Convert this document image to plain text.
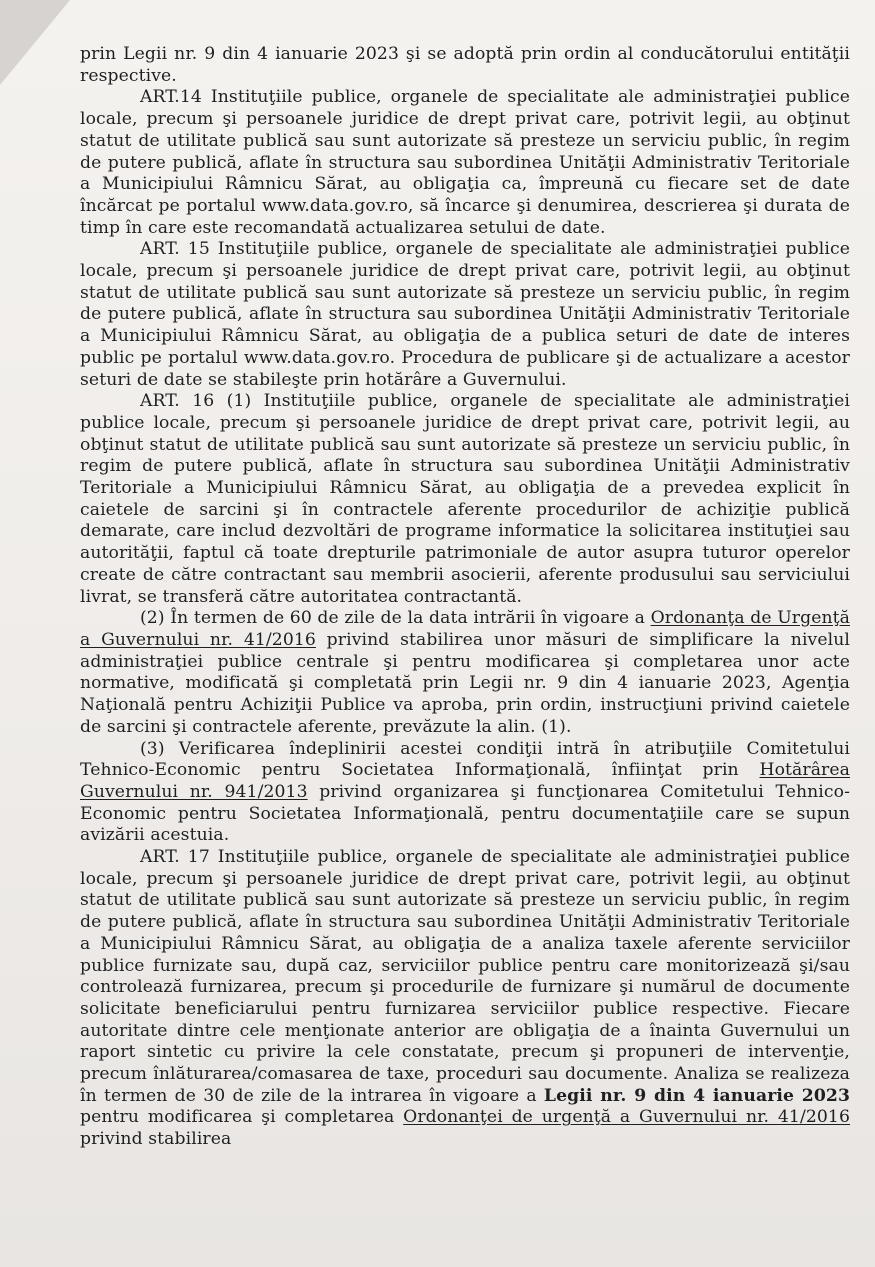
prin Legii nr. 9 din 4 ianuarie 2023 şi se adoptă prin ordin al conducătorului entităţii respective.

ART.14 Instituţiile publice, organele de specialitate ale administraţiei publice locale, precum şi persoanele juridice de drept privat care, potrivit legii, au obţinut statut de utilitate publică sau sunt autorizate să presteze un serviciu public, în regim de putere publică, aflate în structura sau subordinea Unităţii Administrativ Teritoriale a Municipiului Râmnicu Sărat, au obligaţia ca, împreună cu fiecare set de date încărcat pe portalul www.data.gov.ro, să încarce şi denumirea, descrierea şi durata de timp în care este recomandată actualizarea setului de date.

ART. 15 Instituţiile publice, organele de specialitate ale administraţiei publice locale, precum şi persoanele juridice de drept privat care, potrivit legii, au obţinut statut de utilitate publică sau sunt autorizate să presteze un serviciu public, în regim de putere publică, aflate în structura sau subordinea Unităţii Administrativ Teritoriale a Municipiului Râmnicu Sărat, au obligaţia de a publica seturi de date de interes public pe portalul www.data.gov.ro. Procedura de publicare şi de actualizare a acestor seturi de date se stabileşte prin hotărâre a Guvernului.

ART. 16 (1) Instituţiile publice, organele de specialitate ale administraţiei publice locale, precum şi persoanele juridice de drept privat care, potrivit legii, au obţinut statut de utilitate publică sau sunt autorizate să presteze un serviciu public, în regim de putere publică, aflate în structura sau subordinea Unităţii Administrativ Teritoriale a Municipiului Râmnicu Sărat, au obligaţia de a prevedea explicit în caietele de sarcini şi în contractele aferente procedurilor de achiziţie publică demarate, care includ dezvoltări de programe informatice la solicitarea instituţiei sau autorităţii, faptul că toate drepturile patrimoniale de autor asupra tuturor operelor create de către contractant sau membrii asocierii, aferente produsului sau serviciului livrat, se transferă către autoritatea contractantă.

(2) În termen de 60 de zile de la data intrării în vigoare a Ordonanţa de Urgenţă a Guvernului nr. 41/2016 privind stabilirea unor măsuri de simplificare la nivelul administraţiei publice centrale şi pentru modificarea şi completarea unor acte normative, modificată şi completată prin Legii nr. 9 din 4 ianuarie 2023, Agenţia Naţională pentru Achiziţii Publice va aproba, prin ordin, instrucţiuni privind caietele de sarcini şi contractele aferente, prevăzute la alin. (1).

(3) Verificarea îndeplinirii acestei condiţii intră în atribuţiile Comitetului Tehnico-Economic pentru Societatea Informaţională, înfiinţat prin Hotărârea Guvernului nr. 941/2013 privind organizarea şi funcţionarea Comitetului Tehnico-Economic pentru Societatea Informaţională, pentru documentaţiile care se supun avizării acestuia.

ART. 17 Instituţiile publice, organele de specialitate ale administraţiei publice locale, precum şi persoanele juridice de drept privat care, potrivit legii, au obţinut statut de utilitate publică sau sunt autorizate să presteze un serviciu public, în regim de putere publică, aflate în structura sau subordinea Unităţii Administrativ Teritoriale a Municipiului Râmnicu Sărat, au obligaţia de a analiza taxele aferente serviciilor publice furnizate sau, după caz, serviciilor publice pentru care monitorizează şi/sau controlează furnizarea, precum şi procedurile de furnizare şi numărul de documente solicitate beneficiarului pentru furnizarea serviciilor publice respective. Fiecare autoritate dintre cele menţionate anterior are obligaţia de a înainta Guvernului un raport sintetic cu privire la cele constatate, precum şi propuneri de intervenţie, precum înlăturarea/comasarea de taxe, proceduri sau documente. Analiza se realizeza în termen de 30 de zile de la intrarea în vigoare a Legii nr. 9 din 4 ianuarie 2023 pentru modificarea şi completarea Ordonanţei de urgenţă a Guvernului nr. 41/2016 privind stabilirea
